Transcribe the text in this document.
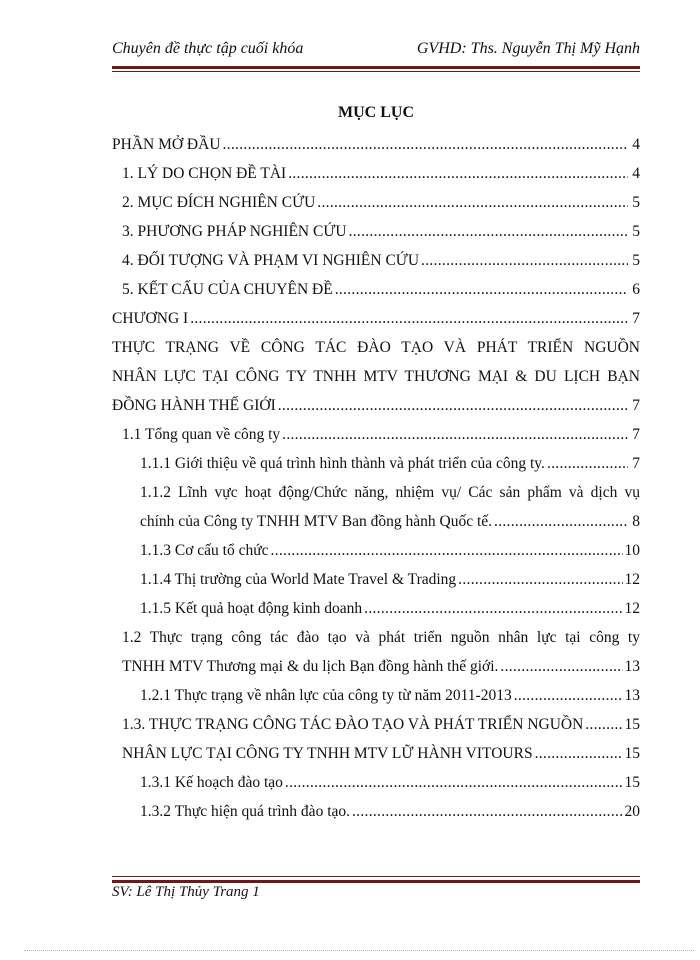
Chuyên đề thực tập cuối khóa	GVHD: Ths. Nguyễn Thị Mỹ Hạnh
MỤC LỤC
PHẦN MỞ ĐẦU .....	4
1. LÝ DO CHỌN ĐỀ TÀI .....	4
2. MỤC ĐÍCH NGHIÊN CỨU .....	5
3. PHƯƠNG PHÁP NGHIÊN CỨU .....	5
4. ĐỐI TƯỢNG VÀ PHẠM VI NGHIÊN CỨU .....	5
5. KẾT CẤU CỦA CHUYÊN ĐỀ .....	6
CHƯƠNG I .....	7
THỰC TRẠNG VỀ CÔNG TÁC ĐÀO TẠO VÀ PHÁT TRIỂN NGUỒN
NHÂN LỰC TẠI CÔNG TY TNHH MTV THƯƠNG MẠI & DU LỊCH BẠN
ĐỒNG HÀNH THẾ GIỚI .....	7
1.1 Tổng quan về công ty .....	7
1.1.1 Giới thiệu về quá trình hình thành và phát triển của công ty. .....	7
1.1.2 Lĩnh vực hoạt động/Chức năng, nhiệm vụ/ Các sản phẩm và dịch vụ
chính của Công ty TNHH MTV Ban đồng hành Quốc tế. .....	8
1.1.3 Cơ cấu tổ chức .....	10
1.1.4 Thị trường của World Mate Travel & Trading .....	12
1.1.5 Kết quả hoạt động kinh doanh .....	12
1.2 Thực trạng công tác đào tạo và phát triển nguồn nhân lực tại công ty
TNHH MTV Thương mại & du lịch Bạn đồng hành thế giới. .....	13
1.2.1 Thực trạng về nhân lực của công ty từ năm 2011-2013 .....	13
1.3. THỰC TRẠNG CÔNG TÁC ĐÀO TẠO VÀ PHÁT TRIỂN NGUỒN .....	15
NHÂN LỰC TẠI CÔNG TY TNHH MTV LỮ HÀNH VITOURS .....	15
1.3.1 Kế hoạch đào tạo .....	15
1.3.2 Thực hiện quá trình đào tạo. .....	20
SV: Lê Thị Thủy Trang 1
